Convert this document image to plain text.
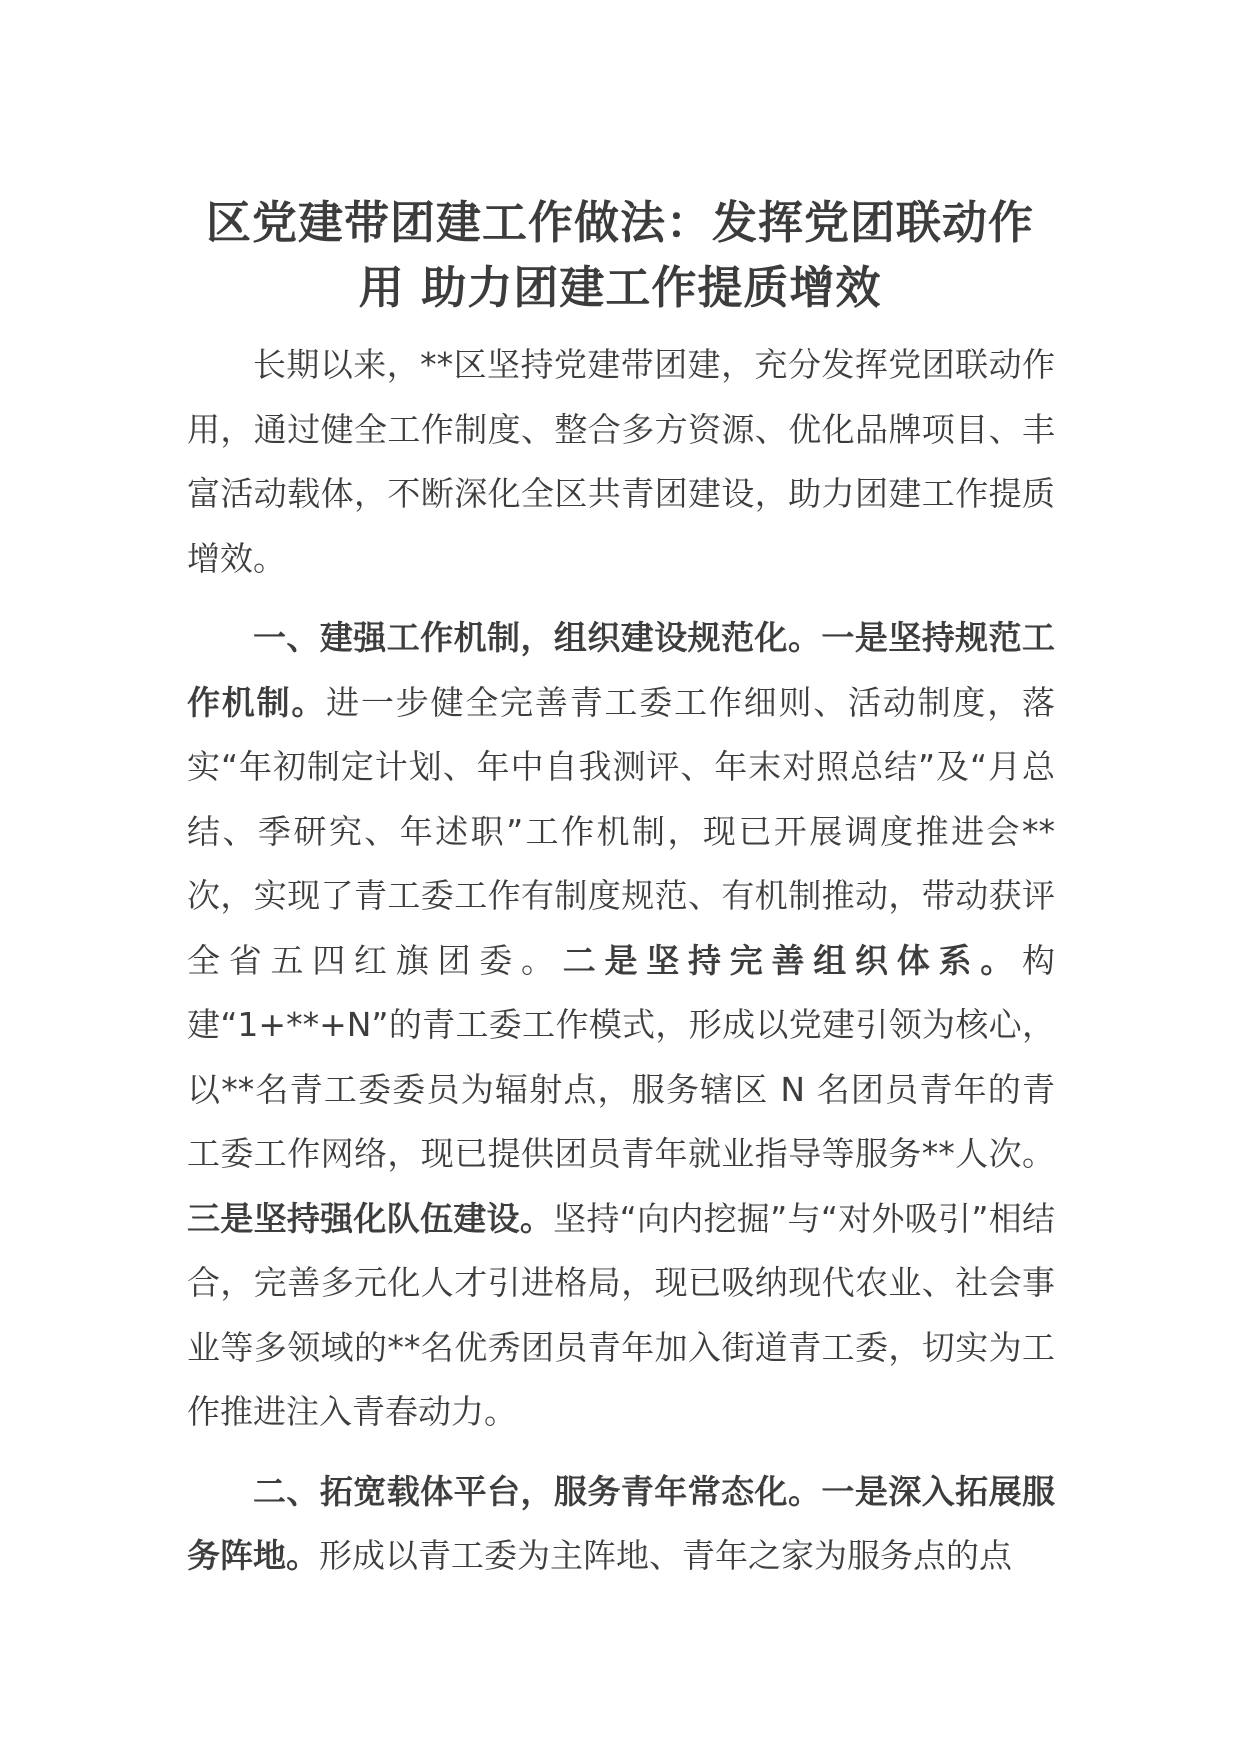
区党建带团建工作做法：发挥党团联动作
用 助力团建工作提质增效

长期以来，**区坚持党建带团建，充分发挥党团联动作用，通过健全工作制度、整合多方资源、优化品牌项目、丰富活动载体，不断深化全区共青团建设，助力团建工作提质增效。

一、建强工作机制，组织建设规范化。一是坚持规范工作机制。进一步健全完善青工委工作细则、活动制度，落实“年初制定计划、年中自我测评、年末对照总结”及“月总结、季研究、年述职”工作机制，现已开展调度推进会**次，实现了青工委工作有制度规范、有机制推动，带动获评全省五四红旗团委。二是坚持完善组织体系。构建“1+**+N”的青工委工作模式，形成以党建引领为核心，以**名青工委委员为辐射点，服务辖区 N 名团员青年的青工委工作网络，现已提供团员青年就业指导等服务**人次。三是坚持强化队伍建设。坚持“向内挖掘”与“对外吸引”相结合，完善多元化人才引进格局，现已吸纳现代农业、社会事业等多领域的**名优秀团员青年加入街道青工委，切实为工作推进注入青春动力。

二、拓宽载体平台，服务青年常态化。一是深入拓展服务阵地。形成以青工委为主阵地、青年之家为服务点的点
